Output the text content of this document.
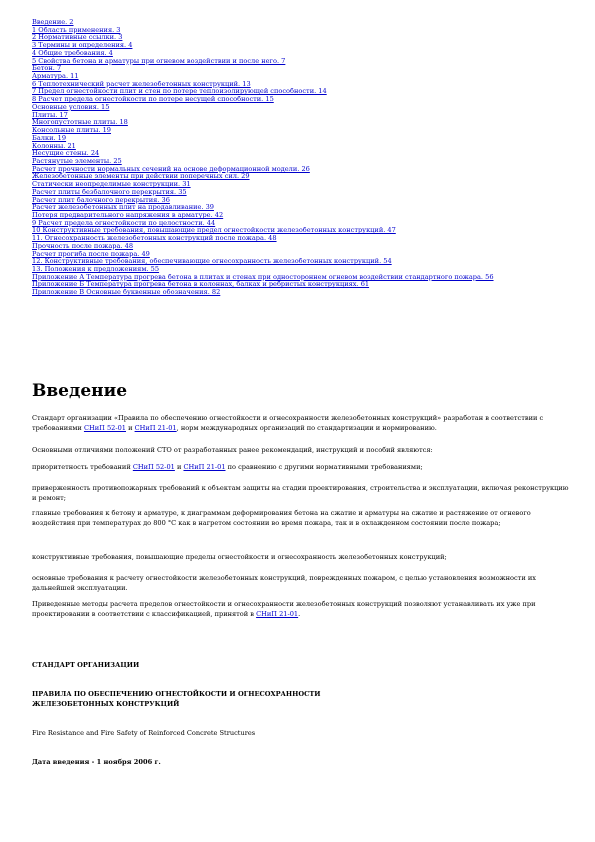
Введение. 2
1 Область применения. 3
2 Нормативные ссылки. 3
3 Термины и определения. 4
4 Общие требования. 4
5 Свойства бетона и арматуры при огневом воздействии и после него. 7
Бетон. 7
Арматура. 11
6 Теплотехнический расчет железобетонных конструкций. 13
7 Предел огнестойкости плит и стен по потере теплоизолирующей способности. 14
8 Расчет предела огнестойкости по потере несущей способности. 15
Основные условия. 15
Плиты. 17
Многопустотные плиты. 18
Консольные плиты. 19
Балки. 19
Колонны. 21
Несущие стены. 24
Растянутые элементы. 25
Расчет прочности нормальных сечений на основе деформационной модели. 26
Железобетонные элементы при действии поперечных сил. 29
Статически неопределимые конструкции. 31
Расчет плиты безбалочного перекрытия. 35
Расчет плит балочного перекрытия. 36
Расчет железобетонных плит на продавливание. 39
Потеря предварительного напряжения в арматуре. 42
9 Расчет предела огнестойкости по целостности. 44
10 Конструктивные требования, повышающие предел огнестойкости железобетонных конструкций. 47
11. Огнесохранность железобетонных конструкций после пожара. 48
Прочность после пожара. 48
Расчет прогиба после пожара. 49
12. Конструктивные требования, обеспечивающие огнесохранность железобетонных конструкций. 54
13. Положения к предложениям. 55
Приложение А Температура прогрева бетона в плитах и стенах при одностороннем огневом воздействии стандартного пожара. 56
Приложение Б Температура прогрева бетона в колоннах, балках и ребристых конструкциях. 61
Приложение В Основные буквенные обозначения. 82
Введение

Стандарт организации «Правила по обеспечению огнестойкости и огнесохранности железобетонных конструкций» разработан в соответствии с требованиями СНиП 52-01 и СНиП 21-01, норм международных организаций по стандартизации и нормированию.

Основными отличиями положений СТО от разработанных ранее рекомендаций, инструкций и пособий являются:

приоритетность требований СНиП 52-01 и СНиП 21-01 по сравнению с другими нормативными требованиями;

приверженность противопожарных требований к объектам защиты на стадии проектирования, строительства и эксплуатации, включая реконструкцию и ремонт;

главные требования к бетону и арматуре, к диаграммам деформирования бетона на сжатие и арматуры на сжатие и растяжение от огневого воздействия при температурах до 800 °С как в нагретом состоянии во время пожара, так и в охлажденном состоянии после пожара;

конструктивные требования, повышающие пределы огнестойкости и огнесохранность железобетонных конструкций;

основные требования к расчету огнестойкости железобетонных конструкций, поврежденных пожаром, с целью установления возможности их дальнейшей эксплуатации.

Приведенные методы расчета пределов огнестойкости и огнесохранности железобетонных конструкций позволяют устанавливать их уже при проектировании в соответствии с классификацией, принятой в СНиП 21-01.

СТАНДАРТ ОРГАНИЗАЦИИ

ПРАВИЛА ПО ОБЕСПЕЧЕНИЮ ОГНЕСТОЙКОСТИ И ОГНЕСОХРАННОСТИ

ЖЕЛЕЗОБЕТОННЫХ КОНСТРУКЦИЙ

Fire Resistance and Fire Safety of Reinforced Concrete Structures

Дата введения - 1 ноября 2006 г.
